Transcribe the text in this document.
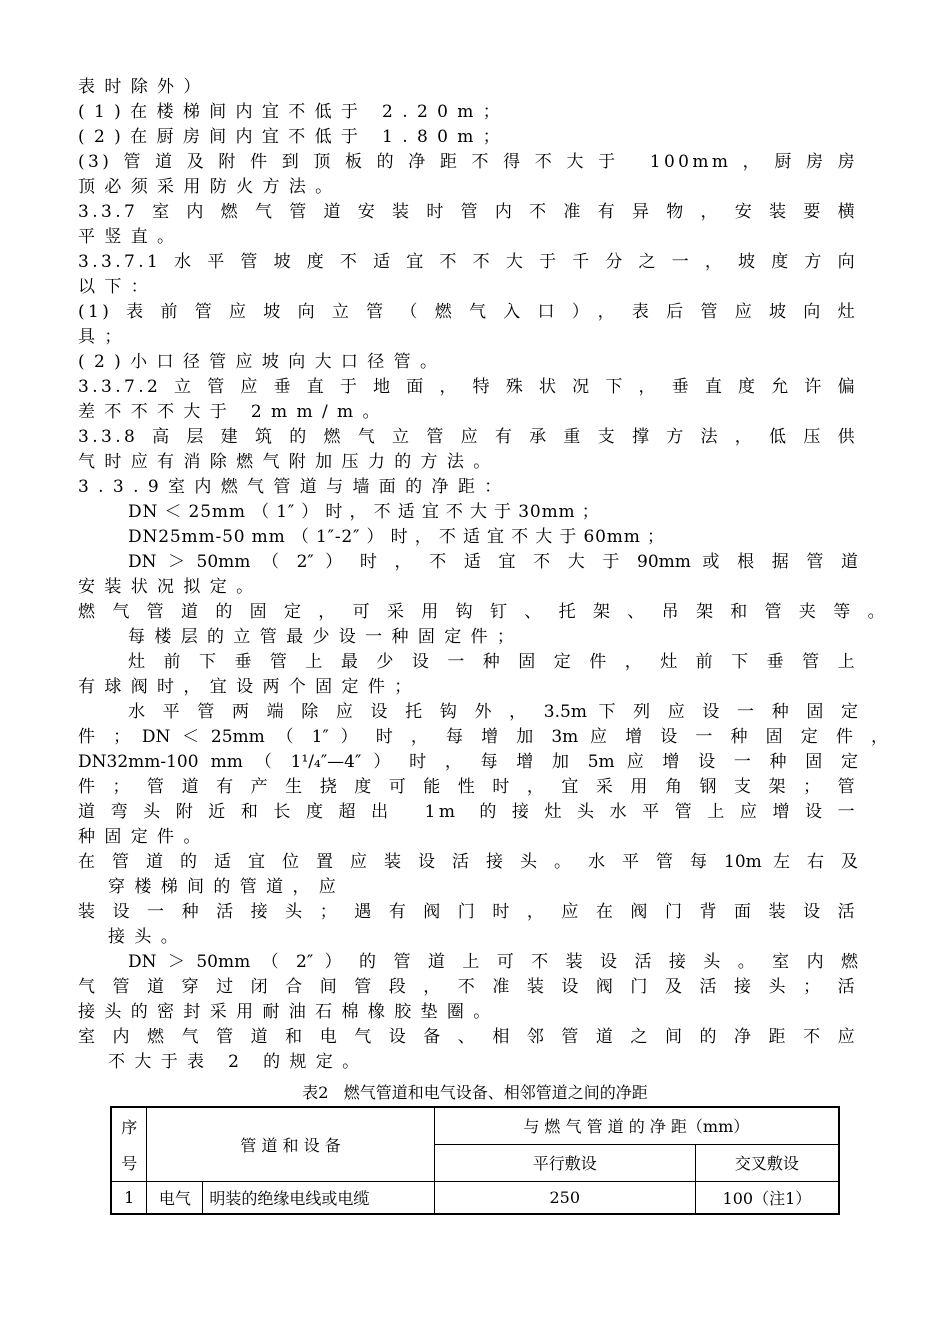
表时除外）
(1)在楼梯间内宜不低于 2.20m；
(2)在厨房间内宜不低于 1.80m；
(3)管道及附件到顶板的净距不得不大于 100mm，厨房房
顶必须采用防火方法。
3.3.7室内燃气管道安装时管内不准有异物，安装要横
平竖直。
3.3.7.1水平管坡度不适宜不不大于千分之一，坡度方向
以下：
(1)表前管应坡向立管（燃气入口），表后管应坡向灶
具；
(2)小口径管应坡向大口径管。
3.3.7.2立管应垂直于地面，特殊状况下，垂直度允许偏
差不不不大于 2mm/m。
3.3.8高层建筑的燃气立管应有承重支撑方法，低压供
气时应有消除燃气附加压力的方法。
3.3.9室内燃气管道与墙面的净距：
DN ＜ 25mm （ 1″ ） 时 ， 不 适 宜 不 大 于 30mm ；
DN25mm-50 mm （ 1″-2″ ） 时 ， 不 适 宜 不 大 于 60mm ；
DN ＞ 50mm （ 2″ ） 时 ， 不 适 宜 不 大 于 90mm 或 根 据 管 道
安装状况拟定。
燃气管道的固定，可采用钩钉、托架、吊架和管夹等。
每楼层的立管最少设一种固定件；
灶前下垂管上最少设一种固定件，灶前下垂管上
有球阀时，宜设两个固定件；
水 平 管 两 端 除 应 设 托 钩 外 ， 3.5m 下 列 应 设 一 种 固 定
件 ； DN ＜ 25mm （ 1″ ） 时 ， 每 增 加 3m 应 增 设 一 种 固 定 件 ，
DN32mm-100 mm （ 1¹/₄″—4″ ） 时 ， 每 增 加 5m 应 增 设 一 种 固 定
件；管道有产生挠度可能性时，宜采用角钢支架；管
道弯头附近和长度超出 1m 的接灶头水平管上应增设一
种固定件。
在 管 道 的 适 宜 位 置 应 装 设 活 接 头 。 水 平 管 每 10m 左 右 及
穿楼梯间的管道，应
装设一种活接头；遇有阀门时，应在阀门背面装设活
接头。
DN ＞ 50mm （ 2″ ） 的 管 道 上 可 不 装 设 活 接 头 。 室 内 燃
气管道穿过闭合间管段，不准装设阀门及活接头；活
接头的密封采用耐油石棉橡胶垫圈。
室内燃气管道和电气设备、相邻管道之间的净距不应
不大于表 2 的规定。
表2   燃气管道和电气设备、相邻管道之间的净距
序	管 道 和 设 备		与 燃 气 管 道 的 净 距（mm）	
号			平行敷设	交叉敷设
1	电气	明装的绝缘电线或电缆	250	100（注1）
